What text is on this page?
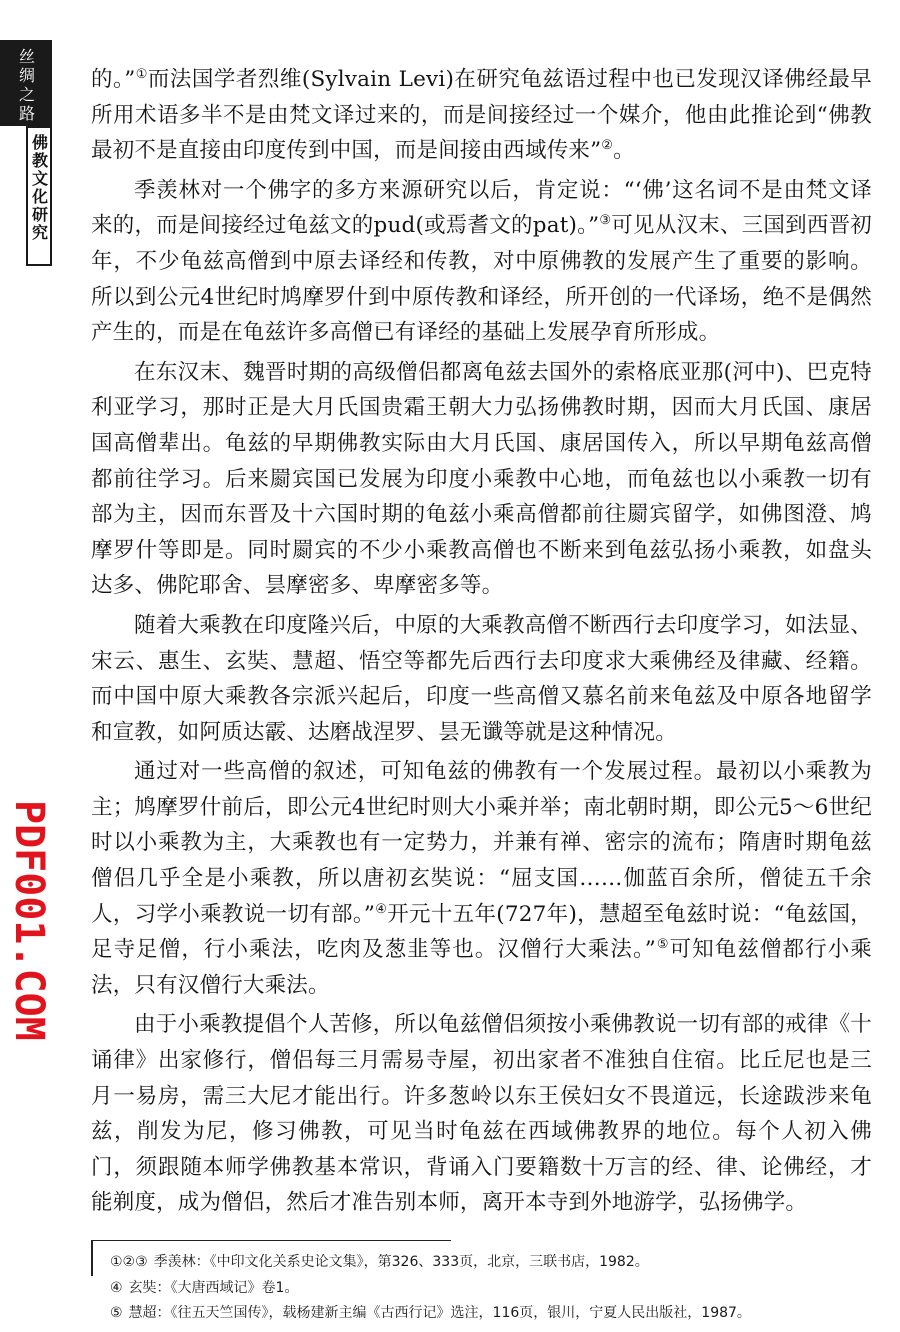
丝绸之路
佛教文化研究
PDF001.COM

的。”①而法国学者烈维(Sylvain Levi)在研究龟兹语过程中也已发现汉译佛经最早所用术语多半不是由梵文译过来的，而是间接经过一个媒介，他由此推论到“佛教最初不是直接由印度传到中国，而是间接由西域传来”②。

季羡林对一个佛字的多方来源研究以后，肯定说：“‘佛’这名词不是由梵文译来的，而是间接经过龟兹文的pud(或焉耆文的pat)。”③可见从汉末、三国到西晋初年，不少龟兹高僧到中原去译经和传教，对中原佛教的发展产生了重要的影响。所以到公元4世纪时鸠摩罗什到中原传教和译经，所开创的一代译场，绝不是偶然产生的，而是在龟兹许多高僧已有译经的基础上发展孕育所形成。

在东汉末、魏晋时期的高级僧侣都离龟兹去国外的索格底亚那(河中)、巴克特利亚学习，那时正是大月氏国贵霜王朝大力弘扬佛教时期，因而大月氏国、康居国高僧辈出。龟兹的早期佛教实际由大月氏国、康居国传入，所以早期龟兹高僧都前往学习。后来罽宾国已发展为印度小乘教中心地，而龟兹也以小乘教一切有部为主，因而东晋及十六国时期的龟兹小乘高僧都前往罽宾留学，如佛图澄、鸠摩罗什等即是。同时罽宾的不少小乘教高僧也不断来到龟兹弘扬小乘教，如盘头达多、佛陀耶舍、昙摩密多、卑摩密多等。

随着大乘教在印度隆兴后，中原的大乘教高僧不断西行去印度学习，如法显、宋云、惠生、玄奘、慧超、悟空等都先后西行去印度求大乘佛经及律藏、经籍。而中国中原大乘教各宗派兴起后，印度一些高僧又慕名前来龟兹及中原各地留学和宣教，如阿质达霰、达磨战涅罗、昙无谶等就是这种情况。

通过对一些高僧的叙述，可知龟兹的佛教有一个发展过程。最初以小乘教为主；鸠摩罗什前后，即公元4世纪时则大小乘并举；南北朝时期，即公元5～6世纪时以小乘教为主，大乘教也有一定势力，并兼有禅、密宗的流布；隋唐时期龟兹僧侣几乎全是小乘教，所以唐初玄奘说：“屈支国……伽蓝百余所，僧徒五千余人，习学小乘教说一切有部。”④开元十五年(727年)，慧超至龟兹时说：“龟兹国，足寺足僧，行小乘法，吃肉及葱韭等也。汉僧行大乘法。”⑤可知龟兹僧都行小乘法，只有汉僧行大乘法。

由于小乘教提倡个人苦修，所以龟兹僧侣须按小乘佛教说一切有部的戒律《十诵律》出家修行，僧侣每三月需易寺屋，初出家者不准独自住宿。比丘尼也是三月一易房，需三大尼才能出行。许多葱岭以东王侯妇女不畏道远，长途跋涉来龟兹，削发为尼，修习佛教，可见当时龟兹在西域佛教界的地位。每个人初入佛门，须跟随本师学佛教基本常识，背诵入门要籍数十万言的经、律、论佛经，才能剃度，成为僧侣，然后才准告别本师，离开本寺到外地游学，弘扬佛学。

①②③ 季羡林：《中印文化关系史论文集》，第326、333页，北京，三联书店，1982。
④ 玄奘：《大唐西域记》卷1。
⑤ 慧超：《往五天竺国传》，载杨建新主编《古西行记》选注，116页，银川，宁夏人民出版社，1987。
